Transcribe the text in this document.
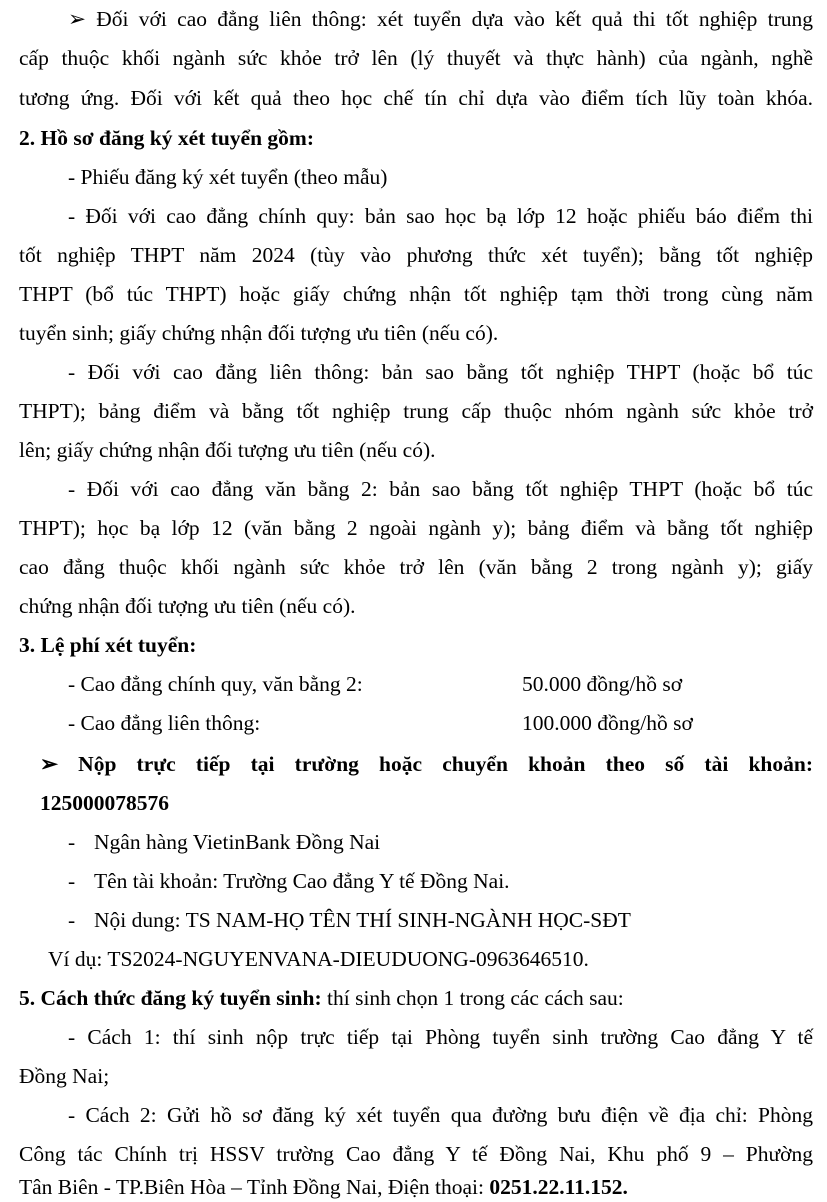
➢ Đối với cao đẳng liên thông: xét tuyển dựa vào kết quả thi tốt nghiệp trung
cấp thuộc khối ngành sức khỏe trở lên (lý thuyết và thực hành) của ngành, nghề
tương ứng. Đối với kết quả theo học chế tín chỉ dựa vào điểm tích lũy toàn khóa.
2. Hồ sơ đăng ký xét tuyển gồm:
- Phiếu đăng ký xét tuyển (theo mẫu)
- Đối với cao đẳng chính quy: bản sao học bạ lớp 12 hoặc phiếu báo điểm thi
tốt nghiệp THPT năm 2024 (tùy vào phương thức xét tuyển); bằng tốt nghiệp
THPT (bổ túc THPT) hoặc giấy chứng nhận tốt nghiệp tạm thời trong cùng năm
tuyển sinh; giấy chứng nhận đối tượng ưu tiên (nếu có).
- Đối với cao đẳng liên thông: bản sao bằng tốt nghiệp THPT (hoặc bổ túc
THPT); bảng điểm và bằng tốt nghiệp trung cấp thuộc nhóm ngành sức khỏe trở
lên; giấy chứng nhận đối tượng ưu tiên (nếu có).
- Đối với cao đẳng văn bằng 2: bản sao bằng tốt nghiệp THPT (hoặc bổ túc
THPT); học bạ lớp 12 (văn bằng 2 ngoài ngành y); bảng điểm và bằng tốt nghiệp
cao đẳng thuộc khối ngành sức khỏe trở lên (văn bằng 2 trong ngành y); giấy
chứng nhận đối tượng ưu tiên (nếu có).
3. Lệ phí xét tuyển:
- Cao đẳng chính quy, văn bằng 2:	50.000 đồng/hồ sơ
- Cao đẳng liên thông:	100.000 đồng/hồ sơ
➢ Nộp trực tiếp tại trường hoặc chuyển khoản theo số tài khoản:
125000078576
- Ngân hàng VietinBank Đồng Nai
- Tên tài khoản: Trường Cao đẳng Y tế Đồng Nai.
- Nội dung: TS NAM-HỌ TÊN THÍ SINH-NGÀNH HỌC-SĐT
Ví dụ: TS2024-NGUYENVANA-DIEUDUONG-0963646510.
5. Cách thức đăng ký tuyển sinh: thí sinh chọn 1 trong các cách sau:
- Cách 1: thí sinh nộp trực tiếp tại Phòng tuyển sinh trường Cao đẳng Y tế
Đồng Nai;
- Cách 2: Gửi hồ sơ đăng ký xét tuyển qua đường bưu điện về địa chỉ: Phòng
Công tác Chính trị HSSV trường Cao đẳng Y tế Đồng Nai, Khu phố 9 – Phường
Tân Biên - TP.Biên Hòa – Tỉnh Đồng Nai, Điện thoại: 0251.22.11.152.
